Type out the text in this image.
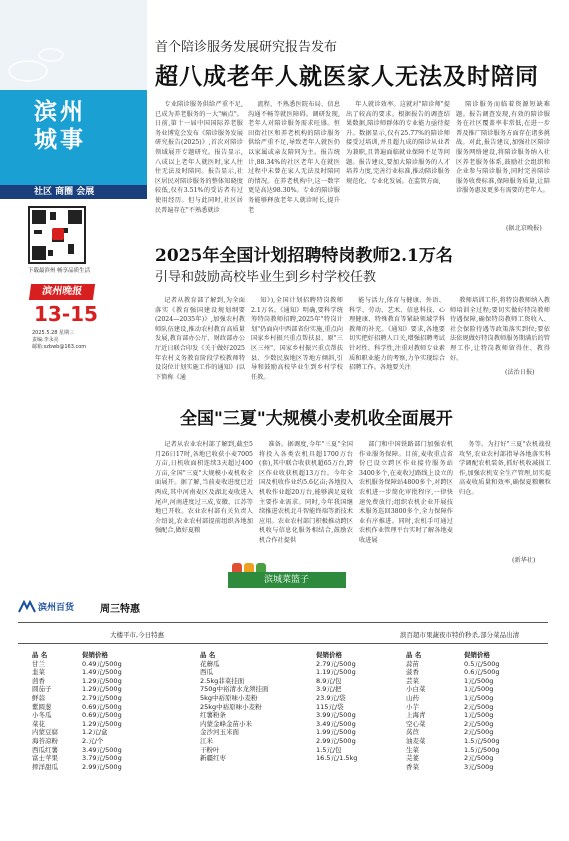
滨州
城事
社区 商圈 会展
下载最滨州 畅享品质生活
滨州晚报
13-15
2025.5.28 星期三
责编:李永亮
邮箱:szbwb@163.com
首个陪诊服务发展研究报告发布
超八成老年人就医家人无法及时陪同

专业陪诊服务供给严重不足,已成为养老服务的一大"痛点"。日前,第十一届中国国际养老服务业博览会发布《陪诊服务发展研究报告(2025)》,首次对陪诊领域展开专题研究。报告显示,八成以上老年人就医时,家人往往无法及时陪同。报告显示,社区居民对陪诊服务的整体知晓度较低,仅有3.51%的受访者有过使用经历。但与此同时,社区居民普遍存在"不熟悉就诊

流程、不熟悉医院布局、信息沟通不畅等就医障碍。调研发现,老年人对陪诊服务需求旺盛。恒田街社区和养老机构的陪诊服务供给严重不足,导致老年人就医仍以家属或亲友陪同为主。报告统计,88.34%的社区老年人在就医过程中未曾在家人无法及时陪同的情况。在养老机构中,这一数字更是高达98.30%。专业的陪诊服务能够释放老年人就诊时长,提升老

年人就诊效率。这就对"陪诊师"提出了较高的要求。根据报告的调查结果数据,陪诊师群体的专业能力亟待提升。数据显示,仅有25.77%的陪诊师接受过培训,并且超九成的陪诊从业者为兼职,且普遍面临就业保障不足等问题。报告建议,要加大陪诊服务的人才培养力度,完善行业标准,推动陪诊服务规范化、专业化发展。在监管方面,

陪诊服务而临着资源短缺难题。报告调查发现,有效的陪诊服务在社区覆盖率非常低,在进一步普及推广陪诊服务方面存在诸多挑战。对此,报告建议,加强社区陪诊服务网络建设,将陪诊服务纳入社区养老服务体系,鼓励社会组织和企业参与陪诊服务,同时完善陪诊服务收费标准,保障服务质量,让陪诊服务惠及更多有需要的老年人。

(据北京晚报)
2025年全国计划招聘特岗教师2.1万名
引导和鼓励高校毕业生到乡村学校任教

记者从教育部了解到,为全面落实《教育强国建设规划纲要(2024—2035年)》,加强农村教师队伍建设,推动农村教育高质量发展,教育部办公厅、财政部办公厅近日联合印发《关于做好2025年农村义务教育阶段学校教师特设岗位计划实施工作的通知》(以下简称《通

知》),全国计划招聘特岗教师2.1万名。《通知》明确,要科学统筹特岗教师招聘,2025年"特岗计划"仍面向中西部省份实施,重点向国家乡村振兴重点帮扶县、原"三区三州"、国家乡村振兴重点帮扶县、少数民族地区等地方倾斜,引导和鼓励高校毕业生到乡村学校任教。

能与活力,体育与健康、外语、科学、劳动、艺术、信息科技、心理健康、特殊教育等紧缺领域学科教师的补充。《通知》要求,各地要切实把好招聘人口关,增强招聘考试针对性、科学性,注重对教师专业素质和职业能力的考察,力争实现综合招聘工作。各地要关注

教师培训工作,将特岗教师纳入教师培训全过程;要切实做好特岗教师待遇保障,确保特岗教师工资收入、社会保险待遇等政策落实到位;要依法依规做好特岗教师服务期满后的管理工作,让特岗教师留得住、教得好。

(法治日报)
全国"三夏"大规模小麦机收全面展开

记者从农业农村部了解到,截至5月26日17时,各地已收获小麦7005万亩,日机收面积连续3天超过400万亩,全国"三夏"大规模小麦机收全面展开。据了解,当前麦收进度已近两成,其中河南麦区及湖北麦收进入尾声,河南进度过三成,安徽、江苏等地已开收。农业农村部有关负责人介绍说,农业农村部提前组织各地加强配合,做好夏粮

准备。据调度,今年"三夏"全国将投入各类农机具超1700万台(套),其中联合收获机超65万台,跨区作业收获机超13万台。今年全国及机收作业约5.6亿亩;各地投入机收作业超20万台,能够满足夏收主要作业需求。同时,今年我国继续推进农机北斗智能终端等新技术应用。农业农村部门积极推动跨区机收与信息化服务相结合,鼓励农机合作社提供

部门和中国铁路部门加强农机作业服务保障。目前,麦收重点省份已设立跨区作业接待服务站3400多个,在麦收过路线上设立的农机服务保障站4800多个,对跨区农机进一步简化审批程序,一律快速免费放行;组织农机企业开展技术服务巡回3800多个,全力保障作业有序推进。同时,农机手可通过农机作业管理平台实时了解各地麦收进展

务等。为打好"三夏"农机战役攻坚,农业农村部指导各地落实科学调配农机装备,抓好机收减损工作,加强农机安全生产管理,切实提高麦收质量和效率,确保夏粮颗粒归仓。

(新华社)
滨城菜篮子
滨州百货	周三特惠
大楼平市,今日特惠	滨百超市果蔬夜市特价秒杀,部分菜品出清
品 名	促销价格
甘兰	0.49元/500g
韭菜	1.49元/500g
茴香	1.29元/500g
圆茄子	1.29元/500g
鲜蒜	2.79元/500g
紫圆葱	0.69元/500g
小冬瓜	0.69元/500g
菜花	1.29元/500g
内蒙豆腐	1.2元/盒
海苔凉粉	2.元/个
西瓜红薯	3.49元/500g
富士苹果	3.79元/500g
摔洋甜瓜	2.99元/500g
品 名	促销价格
花蘑瓜	2.79元/500g
西瓜	1.19元/500g
2.5kg菲菜挂面	8.9元/包
750g中裕清水龙须挂面	3.9元/把
5kg中裕原味小麦粉	23.9元/袋
25kg中裕原味小麦粉	115元/袋
红薯粉条	3.99元/500g
内蒙金峰金苗小米	3.49元/500g
金沙河玉米面	1.99元/500g
江米	2.99元/500g
干粉叶	1.5元/包
新疆红枣	16.5元/1.5kg
品 名	促销价格
蒜苗	0.5元/500g
菠香	0.6元/500g
芸菜	1元/500g
小白菜	1元/500g
山药	1元/500g
小芋	2元/500g
上海青	1元/500g
空心菜	2元/500g
莴苣	2元/500g
油麦菜	1.5元/500g
生菜	1.5元/500g
芫荽	2元/500g
香菜	3元/500g
